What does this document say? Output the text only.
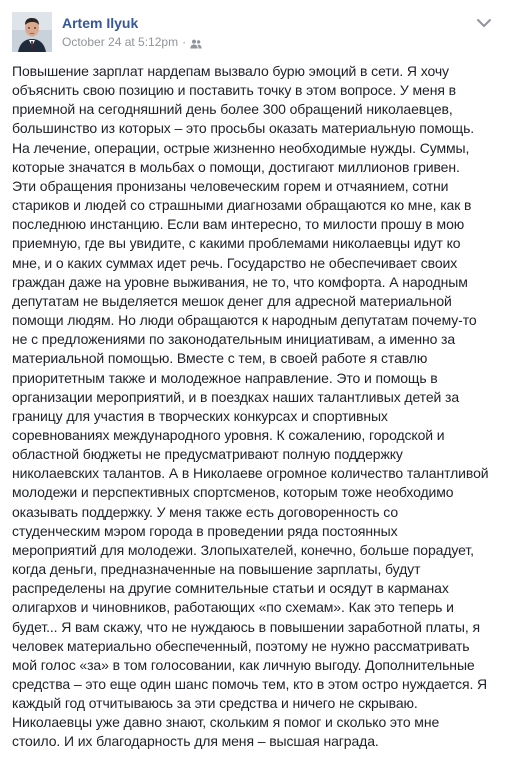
Artem Ilyuk
October 24 at 5:12pm ·
Повышение зарплат нардепам вызвало бурю эмоций в сети. Я хочу
объяснить свою позицию и поставить точку в этом вопросе. У меня в
приемной на сегодняшний день более 300 обращений николаевцев,
большинство из которых – это просьбы оказать материальную помощь.
На лечение, операции, острые жизненно необходимые нужды. Суммы,
которые значатся в мольбах о помощи, достигают миллионов гривен.
Эти обращения пронизаны человеческим горем и отчаянием, сотни
стариков и людей со страшными диагнозами обращаются ко мне, как в
последнюю инстанцию. Если вам интересно, то милости прошу в мою
приемную, где вы увидите, с какими проблемами николаевцы идут ко
мне, и о каких суммах идет речь. Государство не обеспечивает своих
граждан даже на уровне выживания, не то, что комфорта. А народным
депутатам не выделяется мешок денег для адресной материальной
помощи людям. Но люди обращаются к народным депутатам почему-то
не с предложениями по законодательным инициативам, а именно за
материальной помощью. Вместе с тем, в своей работе я ставлю
приоритетным также и молодежное направление. Это и помощь в
организации мероприятий, и в поездках наших талантливых детей за
границу для участия в творческих конкурсах и спортивных
соревнованиях международного уровня. К сожалению, городской и
областной бюджеты не предусматривают полную поддержку
николаевских талантов. А в Николаеве огромное количество талантливой
молодежи и перспективных спортсменов, которым тоже необходимо
оказывать поддержку. У меня также есть договоренность со
студенческим мэром города в проведении ряда постоянных
мероприятий для молодежи. Злопыхателей, конечно, больше порадует,
когда деньги, предназначенные на повышение зарплаты, будут
распределены на другие сомнительные статьи и осядут в карманах
олигархов и чиновников, работающих «по схемам». Как это теперь и
будет... Я вам скажу, что не нуждаюсь в повышении заработной платы, я
человек материально обеспеченный, поэтому не нужно рассматривать
мой голос «за» в том голосовании, как личную выгоду. Дополнительные
средства – это еще один шанс помочь тем, кто в этом остро нуждается. Я
каждый год отчитываюсь за эти средства и ничего не скрываю.
Николаевцы уже давно знают, скольким я помог и сколько это мне
стоило. И их благодарность для меня – высшая награда.
